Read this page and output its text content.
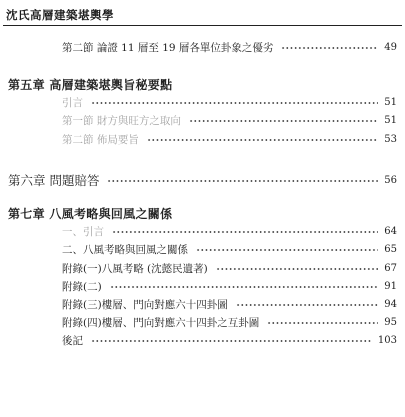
沈氏高層建築堪輿學
第二節 論證 11 層至 19 層各單位卦象之優劣	49
第五章 高層建築堪輿旨秘要點
引言	51
第一節 財方與旺方之取向	51
第二節 佈局要旨	53
第六章 問題賠答	56
第七章 八風考略與回風之關係
一、引言	64
二、八風考略與回風之關係	65
附錄(一)八風考略 (沈懿民遺著)	67
附錄(二)	91
附錄(三)樓層、門向對應六十四卦圖	94
附錄(四)樓層、門向對應六十四卦之互卦圖	95
後記	103
